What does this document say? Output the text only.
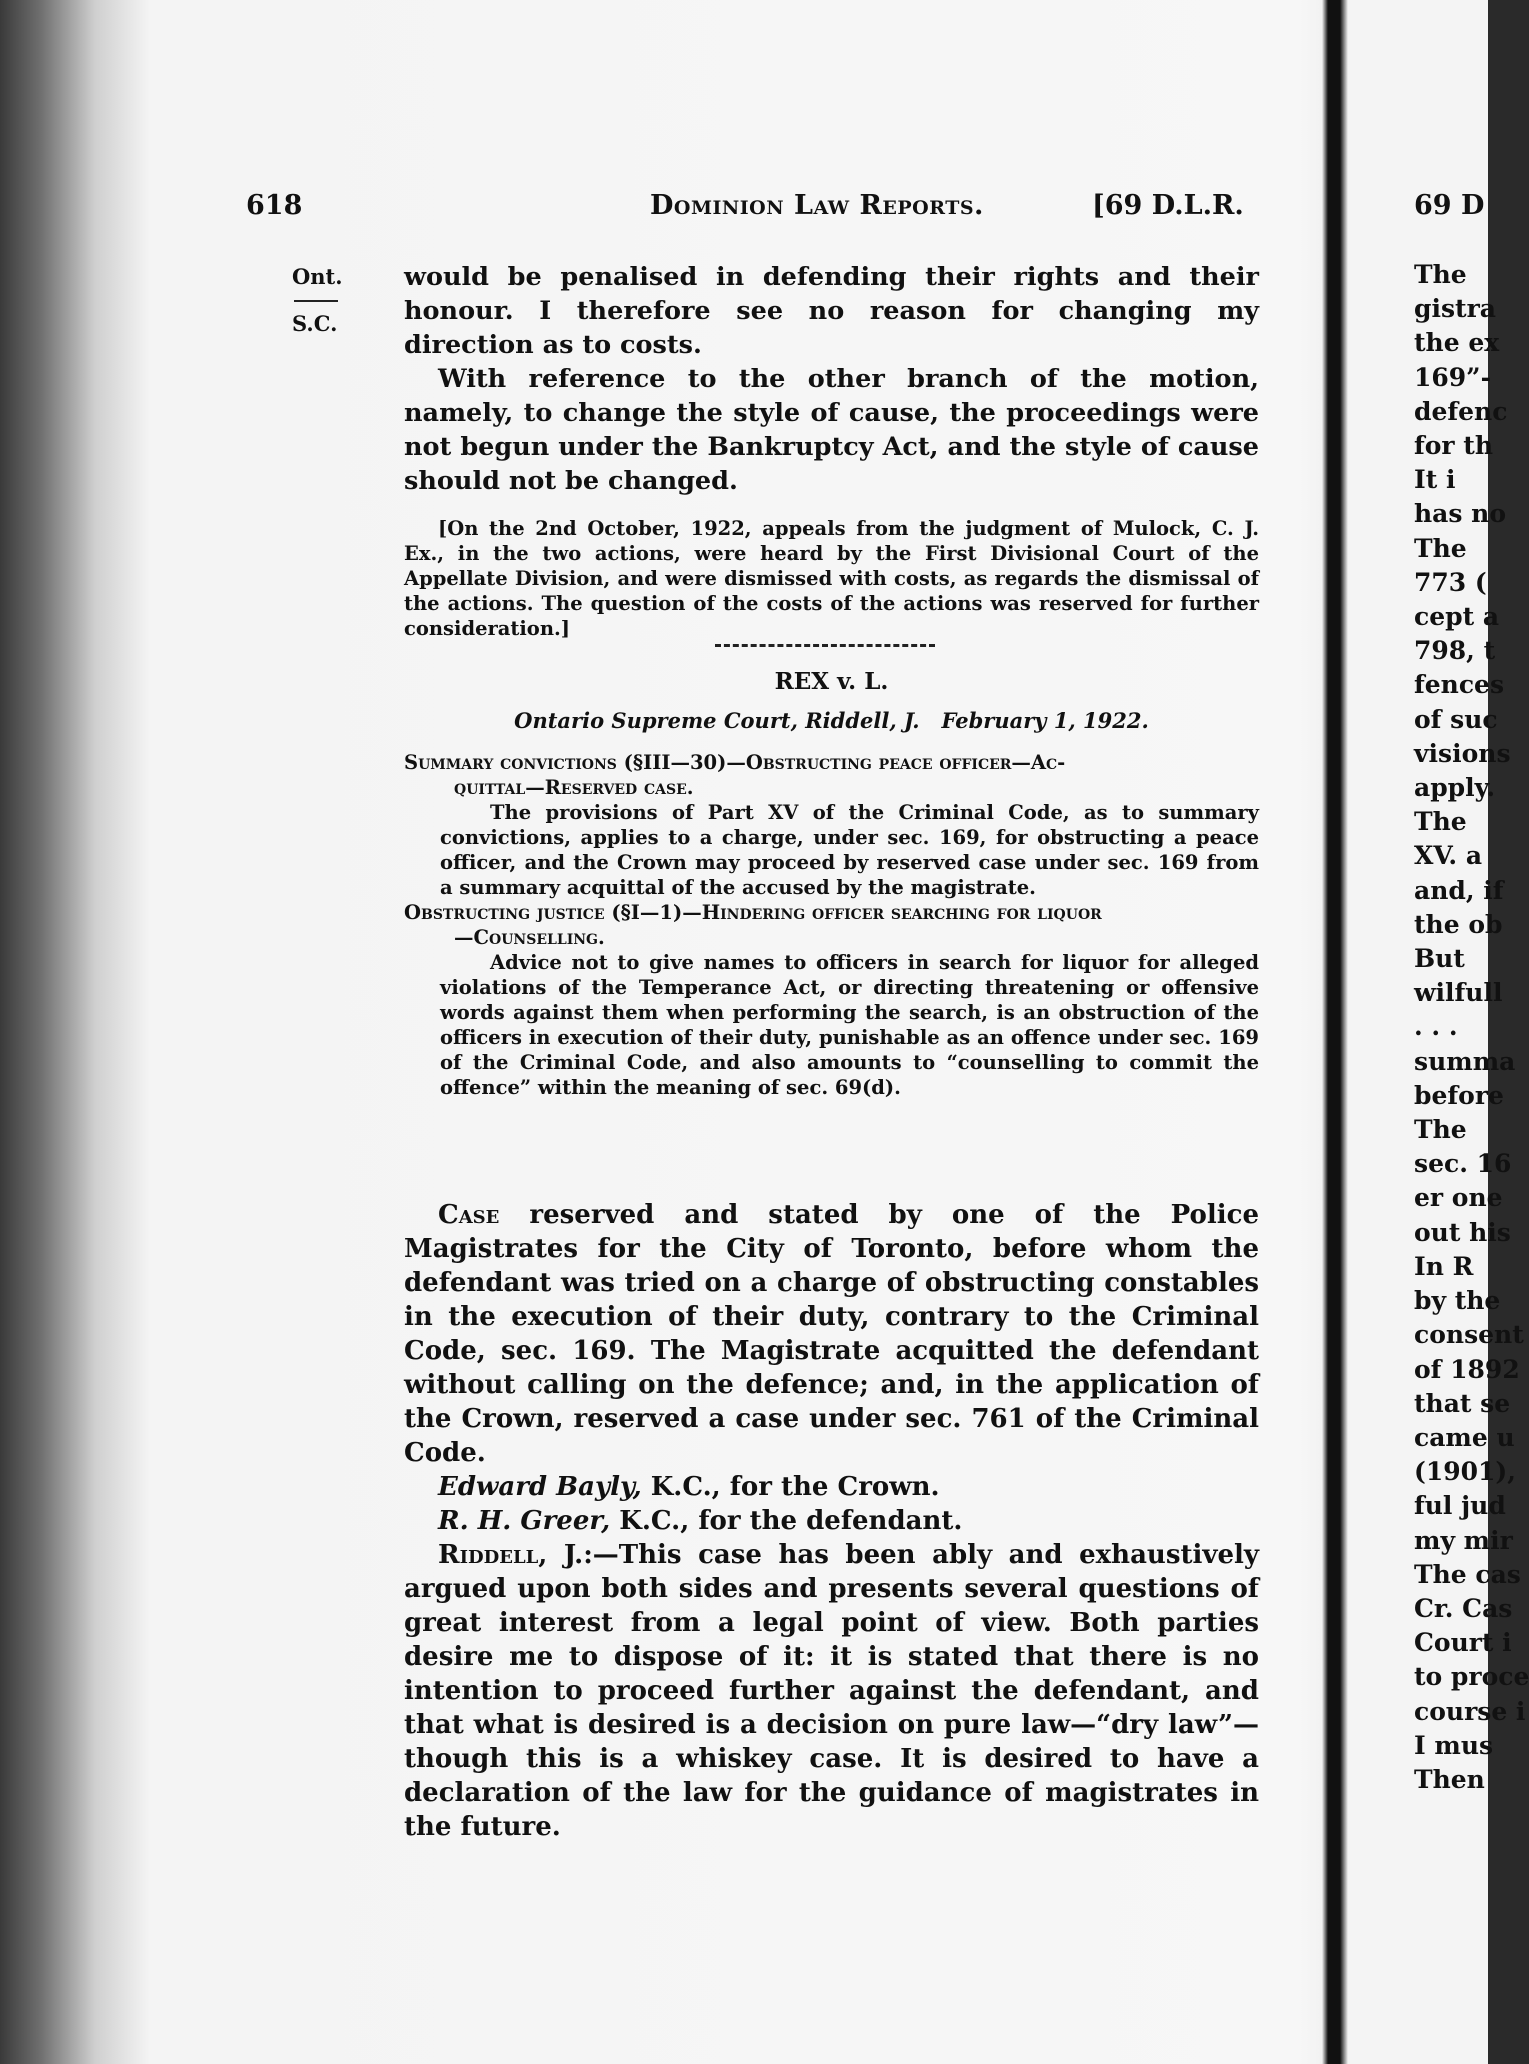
618	Dominion Law Reports.	[69 D.L.R.
Ont.
S.C.

would be penalised in defending their rights and their honour. I therefore see no reason for changing my direction as to costs.

With reference to the other branch of the motion, namely, to change the style of cause, the proceedings were not begun under the Bankruptcy Act, and the style of cause should not be changed.

[On the 2nd October, 1922, appeals from the judgment of Mulock, C. J. Ex., in the two actions, were heard by the First Divisional Court of the Appellate Division, and were dismissed with costs, as regards the dismissal of the actions. The question of the costs of the actions was reserved for further consideration.]

REX v. L.
Ontario Supreme Court, Riddell, J.   February 1, 1922.

Summary convictions (§III—30)—Obstructing peace officer—Ac-

quittal—Reserved case.

The provisions of Part XV of the Criminal Code, as to summary convictions, applies to a charge, under sec. 169, for obstructing a peace officer, and the Crown may proceed by reserved case under sec. 169 from a summary acquittal of the accused by the magistrate.

Obstructing justice (§I—1)—Hindering officer searching for liquor

—Counselling.

Advice not to give names to officers in search for liquor for alleged violations of the Temperance Act, or directing threatening or offensive words against them when performing the search, is an obstruction of the officers in execution of their duty, punishable as an offence under sec. 169 of the Criminal Code, and also amounts to “counselling to commit the offence” within the meaning of sec. 69(d).

Case reserved and stated by one of the Police Magistrates for the City of Toronto, before whom the defendant was tried on a charge of obstructing constables in the execution of their duty, contrary to the Criminal Code, sec. 169. The Magistrate acquitted the defendant without calling on the defence; and, in the application of the Crown, reserved a case under sec. 761 of the Criminal Code.

Edward Bayly, K.C., for the Crown.

R. H. Greer, K.C., for the defendant.

Riddell, J.:—This case has been ably and exhaustively argued upon both sides and presents several questions of great interest from a legal point of view. Both parties desire me to dispose of it: it is stated that there is no intention to proceed further against the defendant, and that what is desired is a decision on pure law—“dry law”—though this is a whiskey case. It is desired to have a declaration of the law for the guidance of magistrates in the future.

69 D
The
gistra
the ex
169”-
defenc
for th
It i
has no
The
773 (
cept a
798, t
fences
of suc
visions
apply.
The
XV. a
and, if
the ob
But
wilfull
. . .
summa
before
The
sec. 16
er one
out his
In R
by the
consent
of 1892
that se
came u
(1901),
ful jud
my mir
The cas
Cr. Cas
Court i
to proce
course i
I mus
Then
